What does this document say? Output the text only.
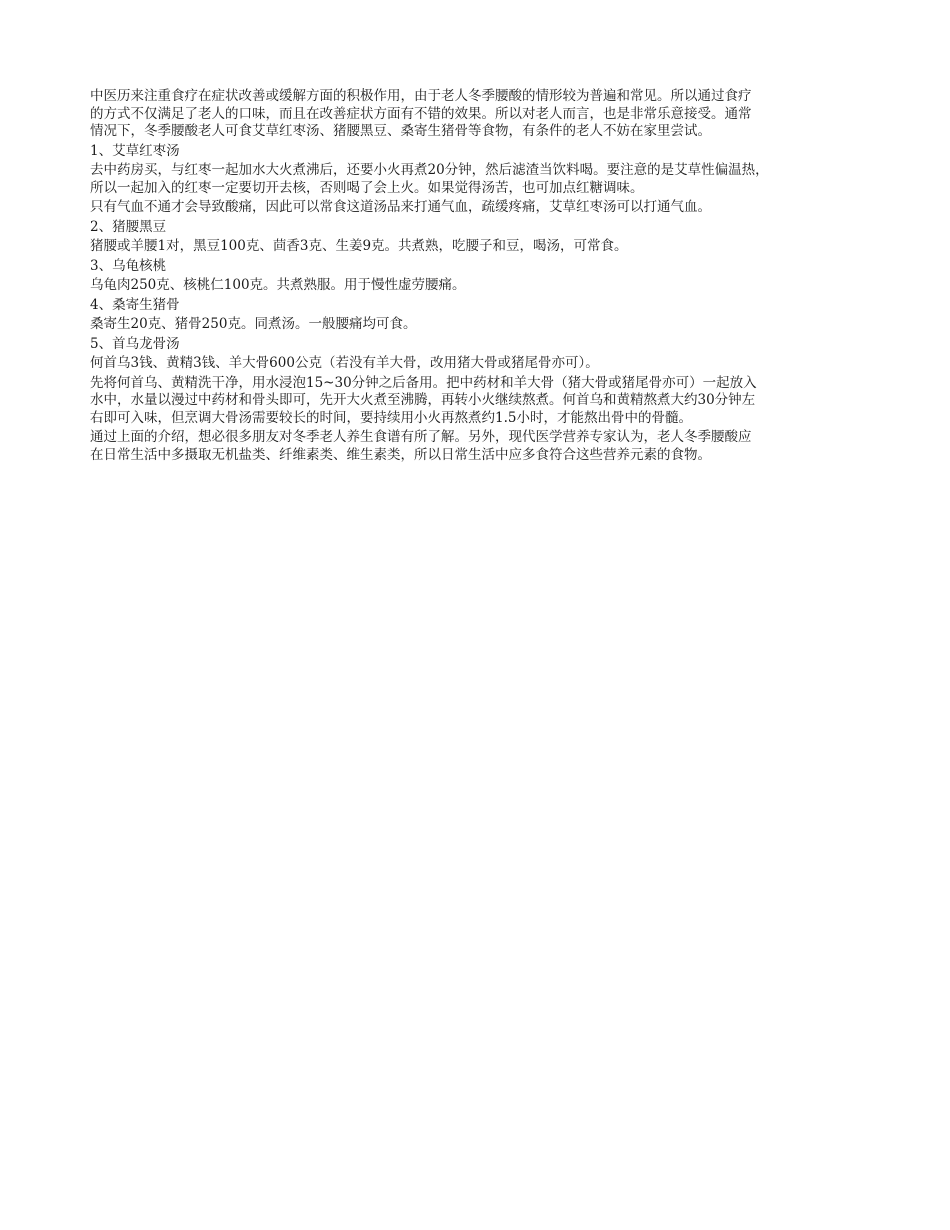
中医历来注重食疗在症状改善或缓解方面的积极作用，由于老人冬季腰酸的情形较为普遍和常见。所以通过食疗
的方式不仅满足了老人的口味，而且在改善症状方面有不错的效果。所以对老人而言，也是非常乐意接受。通常
情况下，冬季腰酸老人可食艾草红枣汤、猪腰黑豆、桑寄生猪骨等食物，有条件的老人不妨在家里尝试。
1、艾草红枣汤
去中药房买，与红枣一起加水大火煮沸后，还要小火再煮20分钟，然后滤渣当饮料喝。要注意的是艾草性偏温热，
所以一起加入的红枣一定要切开去核，否则喝了会上火。如果觉得汤苦，也可加点红糖调味。
只有气血不通才会导致酸痛，因此可以常食这道汤品来打通气血，疏缓疼痛，艾草红枣汤可以打通气血。
2、猪腰黑豆
猪腰或羊腰1对，黑豆100克、茴香3克、生姜9克。共煮熟，吃腰子和豆，喝汤，可常食。
3、乌龟核桃
乌龟肉250克、核桃仁100克。共煮熟服。用于慢性虚劳腰痛。
4、桑寄生猪骨
桑寄生20克、猪骨250克。同煮汤。一般腰痛均可食。
5、首乌龙骨汤
何首乌3钱、黄精3钱、羊大骨600公克（若没有羊大骨，改用猪大骨或猪尾骨亦可）。
先将何首乌、黄精洗干净，用水浸泡15~30分钟之后备用。把中药材和羊大骨（猪大骨或猪尾骨亦可）一起放入
水中，水量以漫过中药材和骨头即可，先开大火煮至沸腾，再转小火继续熬煮。何首乌和黄精熬煮大约30分钟左
右即可入味，但烹调大骨汤需要较长的时间，要持续用小火再熬煮约1.5小时，才能熬出骨中的骨髓。
通过上面的介绍，想必很多朋友对冬季老人养生食谱有所了解。另外，现代医学营养专家认为，老人冬季腰酸应
在日常生活中多摄取无机盐类、纤维素类、维生素类，所以日常生活中应多食符合这些营养元素的食物。
